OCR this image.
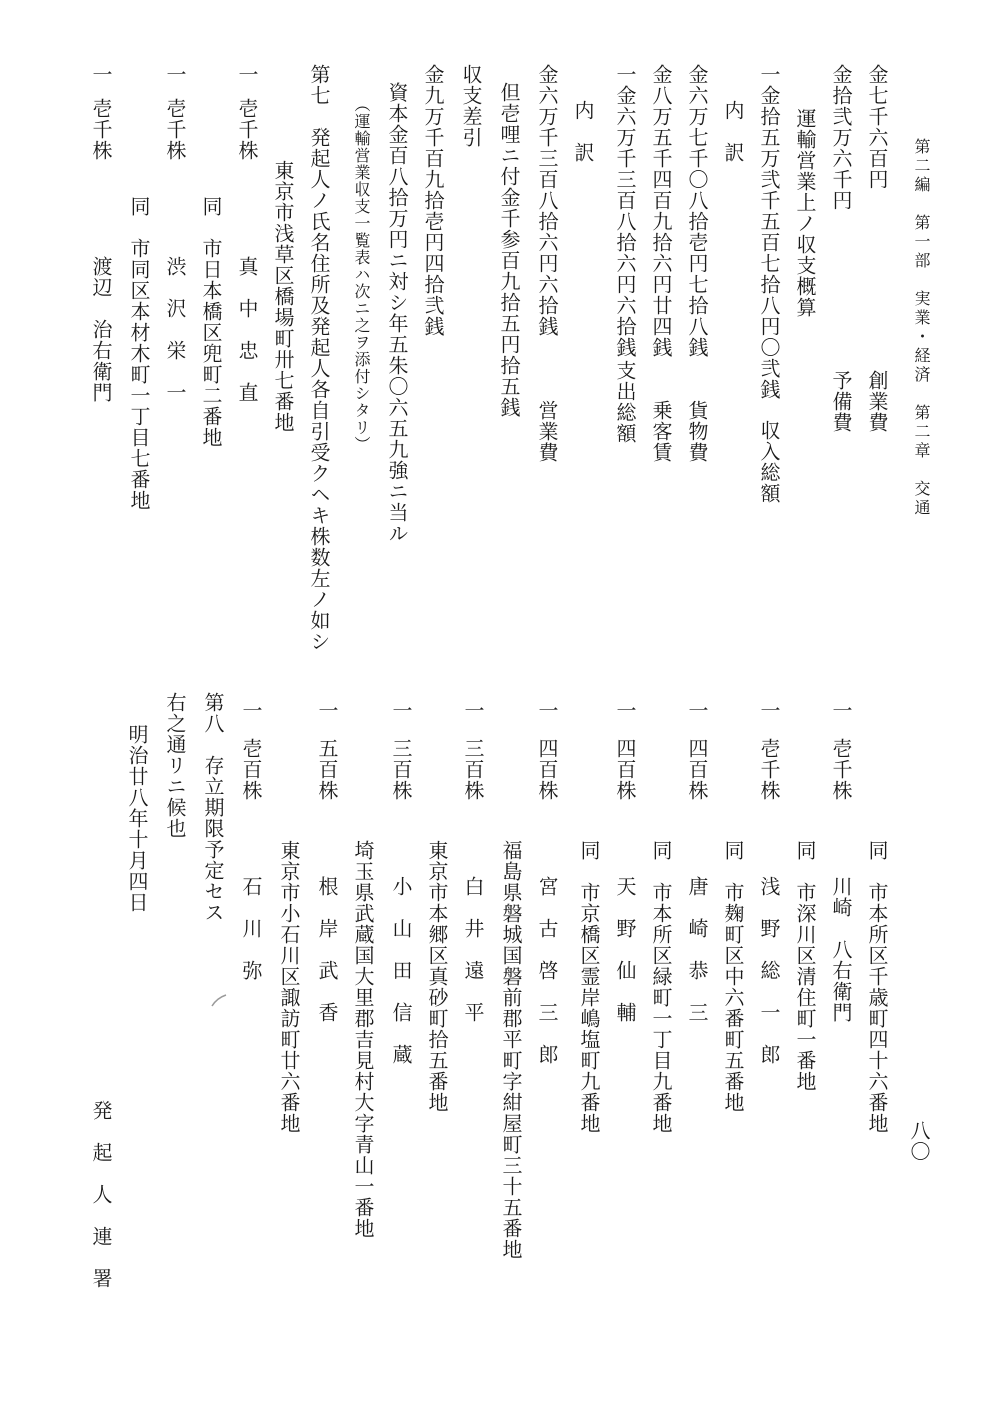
第二編　第一部　実業・経済　第二章　交通
八〇
金七千六百円
創業費
金拾弐万六千円
予備費
運輸営業上ノ収支概算
一金拾五万弐千五百七拾八円〇弐銭
収入総額
内　訳
金六万七千〇八拾壱円七拾八銭
貨物費
金八万五千四百九拾六円廿四銭
乗客賃
一金六万千三百八拾六円六拾銭
支出総額
内　訳
金六万千三百八拾六円六拾銭
営業費
但壱哩ニ付金千参百九拾五円拾五銭
収支差引
金九万千百九拾壱円四拾弐銭
資本金百八拾万円ニ対シ年五朱〇六五九強ニ当ル
（運輸営業収支一覧表ハ次ニ之ヲ添付シタリ）
第七　発起人ノ氏名住所及発起人各自引受クヘキ株数左ノ如シ
東京市浅草区橋場町卅七番地
一
壱千株
真　中　忠　直
同　市日本橋区兜町二番地
一
壱千株
渋　沢　栄　一
同　市同区本材木町一丁目七番地
一
壱千株
渡辺　治右衛門
同　市本所区千歳町四十六番地
一
壱千株
川崎　八右衛門
同　市深川区清住町一番地
一
壱千株
浅　野　総　一　郎
同　市麹町区中六番町五番地
一
四百株
唐　崎　恭　三
同　市本所区緑町一丁目九番地
一
四百株
天　野　仙　輔
同　市京橋区霊岸嶋塩町九番地
一
四百株
宮　古　啓　三　郎
福島県磐城国磐前郡平町字紺屋町三十五番地
一
三百株
白　井　遠　平
東京市本郷区真砂町拾五番地
一
三百株
小　山　田　信　蔵
埼玉県武蔵国大里郡吉見村大字青山一番地
一
五百株
根　岸　武　香
東京市小石川区諏訪町廿六番地
一
壱百株
石　川　弥
第八　存立期限予定セス
右之通リニ候也
明治廿八年十月四日
発　起　人　連　署
